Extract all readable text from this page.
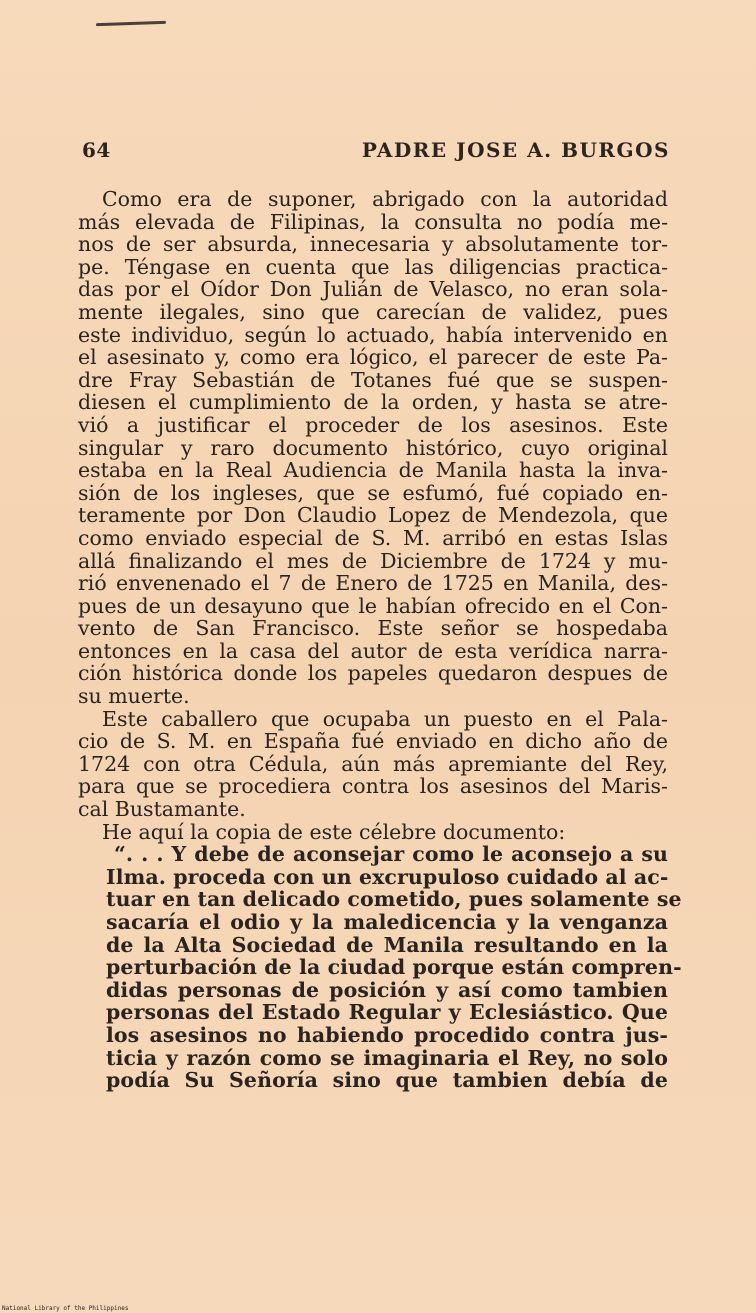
64	PADRE JOSE A. BURGOS
Como era de suponer, abrigado con la autoridad
más elevada de Filipinas, la consulta no podía me-
nos de ser absurda, innecesaria y absolutamente tor-
pe. Téngase en cuenta que las diligencias practica-
das por el Oídor Don Julián de Velasco, no eran sola-
mente ilegales, sino que carecían de validez, pues
este individuo, según lo actuado, había intervenido en
el asesinato y, como era lógico, el parecer de este Pa-
dre Fray Sebastián de Totanes fué que se suspen-
diesen el cumplimiento de la orden, y hasta se atre-
vió a justificar el proceder de los asesinos. Este
singular y raro documento histórico, cuyo original
estaba en la Real Audiencia de Manila hasta la inva-
sión de los ingleses, que se esfumó, fué copiado en-
teramente por Don Claudio Lopez de Mendezola, que
como enviado especial de S. M. arribó en estas Islas
allá finalizando el mes de Diciembre de 1724 y mu-
rió envenenado el 7 de Enero de 1725 en Manila, des-
pues de un desayuno que le habían ofrecido en el Con-
vento de San Francisco. Este señor se hospedaba
entonces en la casa del autor de esta verídica narra-
ción histórica donde los papeles quedaron despues de
su muerte.
Este caballero que ocupaba un puesto en el Pala-
cio de S. M. en España fué enviado en dicho año de
1724 con otra Cédula, aún más apremiante del Rey,
para que se procediera contra los asesinos del Maris-
cal Bustamante.
He aquí la copia de este célebre documento:
“. . . Y debe de aconsejar como le aconsejo a su
Ilma. proceda con un excrupuloso cuidado al ac-
tuar en tan delicado cometido, pues solamente se
sacaría el odio y la maledicencia y la venganza
de la Alta Sociedad de Manila resultando en la
perturbación de la ciudad porque están compren-
didas personas de posición y así como tambien
personas del Estado Regular y Eclesiástico. Que
los asesinos no habiendo procedido contra jus-
ticia y razón como se imaginaria el Rey, no solo
podía Su Señoría sino que tambien debía de
National Library of the Philippines
